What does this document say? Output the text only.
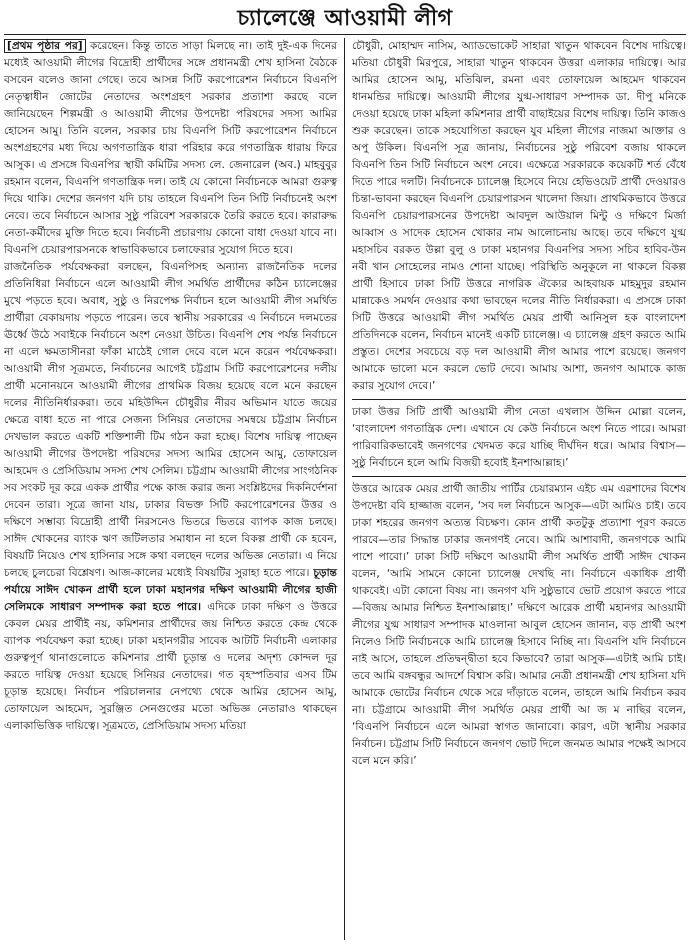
চ্যালেঞ্জে আওয়ামী লীগ

[প্রথম পৃষ্ঠার পর] করেছেন। কিন্তু তাতে সাড়া মিলছে না। তাই দুই-এক দিনের মধ্যেই আওয়ামী লীগের বিদ্রোহী প্রার্থীদের সঙ্গে প্রধানমন্ত্রী শেখ হাসিনা বৈঠকে বসবেন বলেও জানা গেছে। তবে আসন্ন সিটি করপোরেশন নির্বাচনে বিএনপি নেতৃত্বাধীন জোটের নেতাদের অংশগ্রহণ সরকার প্রত্যাশা করছে বলে জানিয়েছেন শিল্পমন্ত্রী ও আওয়ামী লীগের উপদেষ্টা পরিষদের সদস্য আমির হোসেন আমু। তিনি বলেন, সরকার চায় বিএনপি সিটি করপোরেশন নির্বাচনে অংশগ্রহণের মধ্য দিয়ে অগণতান্ত্রিক ধারা পরিহার করে গণতান্ত্রিক ধারায় ফিরে আসুক। এ প্রসঙ্গে বিএনপির স্থায়ী কমিটির সদস্য লে. জেনারেল (অব.) মাহবুবুর রহমান বলেন, বিএনপি গণতান্ত্রিক দল। তাই যে কোনো নির্বাচনকে আমরা গুরুত্ব দিয়ে থাকি। দেশের জনগণ যদি চায় তাহলে বিএনপি তিন সিটি নির্বাচনেই অংশ নেবে। তবে নির্বাচনে আসার সুষ্ঠু পরিবেশ সরকারকে তৈরি করতে হবে। কারারুদ্ধ নেতা-কর্মীদের মুক্তি দিতে হবে। নির্বাচনী প্রচারণায় কোনো বাধা দেওয়া যাবে না। বিএনপি চেয়ারপারসনকে স্বাভাবিকভাবে চলাফেরার সুযোগ দিতে হবে।

রাজনৈতিক পর্যবেক্ষকরা বলছেন, বিএনপিসহ অন্যান্য রাজনৈতিক দলের প্রতিনিধিরা নির্বাচনে এলে আওয়ামী লীগ সমর্থিত প্রার্থীদের কঠিন চ্যালেঞ্জের মুখে পড়তে হবে। অবাধ, সুষ্ঠু ও নিরপেক্ষ নির্বাচন হলে আওয়ামী লীগ সমর্থিত প্রার্থীরা বেকায়দায় পড়তে পারেন। তবে স্থানীয় সরকারের এ নির্বাচনে দলমতের ঊর্ধ্বে উঠে সবাইকে নির্বাচনে অংশ নেওয়া উচিত। বিএনপি শেষ পর্যন্ত নির্বাচনে না এলে ক্ষমতাসীনরা ফাঁকা মাঠেই গোল দেবে বলে মনে করেন পর্যবেক্ষকরা। আওয়ামী লীগ সূত্রমতে, নির্বাচনের আগেই চট্টগ্রাম সিটি করপোরেশনের দলীয় প্রার্থী মনোনয়নে আওয়ামী লীগের প্রাথমিক বিজয় হয়েছে বলে মনে করছেন দলের নীতিনির্ধারকরা। তবে মহিউদ্দিন চৌধুরীর নীরব অভিমান যাতে জয়ের ক্ষেত্রে বাধা হতে না পারে সেজন্য সিনিয়র নেতাদের সমন্বয়ে চট্টগ্রাম নির্বাচন দেখভাল করতে একটি শক্তিশালী টিম গঠন করা হচ্ছে। বিশেষ দায়িত্ব পাচ্ছেন আওয়ামী লীগের উপদেষ্টা পরিষদের সদস্য আমির হোসেন আমু, তোফায়েল আহমেদ ও প্রেসিডিয়াম সদস্য শেখ সেলিম। চট্টগ্রাম আওয়ামী লীগের সাংগঠনিক সব সংকট দূর করে একক প্রার্থীর পক্ষে কাজ করার জন্য সংশ্লিষ্টদের দিকনির্দেশনা দেবেন তারা। সূত্রে জানা যায়, ঢাকার বিভক্ত সিটি করপোরেশনের উত্তর ও দক্ষিণে সম্ভাব্য বিদ্রোহী প্রার্থী নিরসনেও ভিতরে ভিতরে ব্যাপক কাজ চলছে। সাঈদ খোকনের ব্যাংক ঋণ জটিলতার সমাধান না হলে বিকল্প প্রার্থী কে হবেন, বিষয়টি নিয়েও শেখ হাসিনার সঙ্গে কথা বলছেন দলের অভিজ্ঞ নেতারা। এ নিয়ে চলছে চুলচেরা বিশ্লেষণ। আজ-কালের মধ্যেই বিষয়টির সুরাহা হতে পারে। চূড়ান্ত পর্যায়ে সাঈদ খোকন প্রার্থী হলে ঢাকা মহানগর দক্ষিণ আওয়ামী লীগের হাজী সেলিমকে সাধারণ সম্পাদক করা হতে পারে। এদিকে ঢাকা দক্ষিণ ও উত্তরে কেবল মেয়র প্রার্থীই নয়, কমিশনার প্রার্থীদের জয় নিশ্চিত করতে কেন্দ্র থেকে ব্যাপক পর্যবেক্ষণ করা হচ্ছে। ঢাকা মহানগরীর সাবেক আটটি নির্বাচনী এলাকার গুরুত্বপূর্ণ থানাগুলোতে কমিশনার প্রার্থী চূড়ান্ত ও দলের অদৃশ্য কোন্দল দূর করতে দায়িত্ব দেওয়া হয়েছে সিনিয়র নেতাদের। গত বৃহস্পতিবার এসব টিম চূড়ান্ত হয়েছে। নির্বাচন পরিচালনার নেপথ্যে থেকে আমির হোসেন আমু, তোফায়েল আহমেদ, সুরঞ্জিত সেনগুপ্তের মতো অভিজ্ঞ নেতারাও থাকছেন এলাকাভিত্তিক দায়িত্বে। সূত্রমতে, প্রেসিডিয়াম সদস্য মতিয়া

চৌধুরী, মোহাম্মদ নাসিম, অ্যাডভোকেট সাহারা খাতুন থাকবেন বিশেষ দায়িত্বে। মতিয়া চৌধুরী মিরপুরে, সাহারা খাতুন থাকবেন উত্তরা এলাকার দায়িত্বে। আর আমির হোসেন আমু, মতিঝিল, রমনা এবং তোফায়েল আহমেদ থাকবেন ধানমন্ডির দায়িত্বে। আওয়ামী লীগের যুগ্ম-সাধারণ সম্পাদক ডা. দীপু মনিকে দেওয়া হয়েছে ঢাকা মহিলা কমিশনার প্রার্থী বাছাইয়ের বিশেষ দায়িত্ব। তিনি কাজও শুরু করেছেন। তাকে সহযোগিতা করছেন যুব মহিলা লীগের নাজমা আক্তার ও অপু উকিল। বিএনপি সূত্র জানায়, নির্বাচনের সুষ্ঠু পরিবেশ বজায় থাকলে বিএনপি তিন সিটি নির্বাচনে অংশ নেবে। এক্ষেত্রে সরকারকে কয়েকটি শর্ত বেঁধে দিতে পারে দলটি। নির্বাচনকে চ্যালেঞ্জ হিসেবে নিয়ে হেভিওয়েট প্রার্থী দেওয়ারও চিন্তা-ভাবনা করছেন বিএনপি চেয়ারপারসন খালেদা জিয়া। প্রাথমিকভাবে উত্তরে বিএনপি চেয়ারপারসনের উপদেষ্টা আবদুল আউয়াল মিন্টু ও দক্ষিণে মির্জা আব্বাস ও সাদেক হোসেন খোকার নাম আলোচনায় আছে। তবে দক্ষিণে যুগ্ম মহাসচিব বরকত উল্লা বুলু ও ঢাকা মহানগর বিএনপির সদস্য সচিব হাবিব-উন নবী খান সোহেলের নামও শোনা যাচ্ছে। পরিস্থিতি অনুকূলে না থাকলে বিকল্প প্রার্থী হিসাবে ঢাকা সিটি উত্তরে নাগরিক ঐক্যের আহবায়ক মাহমুদুর রহমান মান্নাকেও সমর্থন দেওয়ার কথা ভাবছেন দলের নীতি নির্ধারকরা। এ প্রসঙ্গে ঢাকা সিটি উত্তরে আওয়ামী লীগ সমর্থিত মেয়র প্রার্থী আনিসুল হক বাংলাদেশ প্রতিদিনকে বলেন, নির্বাচন মানেই একটি চ্যালেঞ্জ। এ চ্যালেঞ্জ গ্রহণ করতে আমি প্রস্তুত। দেশের সবচেয়ে বড় দল আওয়ামী লীগ আমার পাশে রয়েছে। জনগণ আমাকে ভালো মনে করলে ভোট দেবে। আমায় আশা, জনগণ আমাকে কাজ করার সুযোগ দেবে।’

ঢাকা উত্তর সিটি প্রার্থী আওয়ামী লীগ নেতা এখলাস উদ্দিন মোল্লা বলেন, ‘বাংলাদেশ গণতান্ত্রিক দেশ। এখানে যে কেউ নির্বাচনে অংশ নিতে পারে। আমরা পারিবারিকভাবেই জনগণের খেদমত করে যাচ্ছি দীর্ঘদিন ধরে। আমার বিশ্বাস—সুষ্ঠু নির্বাচনে হলে আমি বিজয়ী হবোই ইনশাআল্লাহ।’

উত্তরে আরেক মেয়র প্রার্থী জাতীয় পার্টির চেয়ারম্যান এইচ এম এরশাদের বিশেষ উপদেষ্টা ববি হাজ্জাজ বলেন, ‘সব দল নির্বাচনে আসুক—এটা আমিও চাই। তবে ঢাকা শহরের জনগণ অত্যন্ত বিচক্ষণ। কোন প্রার্থী কতটুকু প্রত্যাশা পূরণ করতে পারবে—তার সিদ্ধান্ত ঢাকার জনগণই নেবে। আমি আশাবাদী, জনগণকে আমি পাশে পাবো।’ ঢাকা সিটি দক্ষিণে আওয়ামী লীগ সমর্থিত প্রার্থী সাঈদ খোকন বলেন, ‘আমি সামনে কোনো চ্যালেঞ্জ দেখছি না। নির্বাচনে একাধিক প্রার্থী থাকবেই। এটা কোনো বিষয় না। জনগণ যদি সুষ্ঠুভাবে ভোট প্রয়োগ করতে পারে—বিজয় আমার নিশ্চিত ইনশাআল্লাহ।’ দক্ষিণে আরেক প্রার্থী মহানগর আওয়ামী লীগের যুগ্ম সাধারণ সম্পাদক মাওলানা আবুল হোসেন জানান, বড় প্রার্থী অংশ নিলেও সিটি নির্বাচনকে আমি চ্যালেঞ্জ হিসাবে নিচ্ছি না। বিএনপি যদি নির্বাচনে নাই আসে, তাহলে প্রতিদ্বন্দ্বীতা হবে কিভাবে? তারা আসুক—এটাই আমি চাই। তবে আমি বঙ্গবন্ধুর আদর্শে বিশ্বাস করি। আমার নেত্রী প্রধানমন্ত্রী শেখ হাসিনা যদি আমাকে ভোটের নির্বাচন থেকে সরে দাঁড়াতে বলেন, তাহলে আমি নির্বাচন করব না। চট্টগ্রামে আওয়ামী লীগ সমর্থিত মেয়র প্রার্থী আ জ ম নাছির বলেন, ‘বিএনপি নির্বাচনে এলে আমরা স্বাগত জানাবো। কারণ, এটা স্থানীয় সরকার নির্বাচন। চট্টগ্রাম সিটি নির্বাচনে জনগণ ভোট দিলে জনমত আমার পক্ষেই আসবে বলে মনে করি।’
